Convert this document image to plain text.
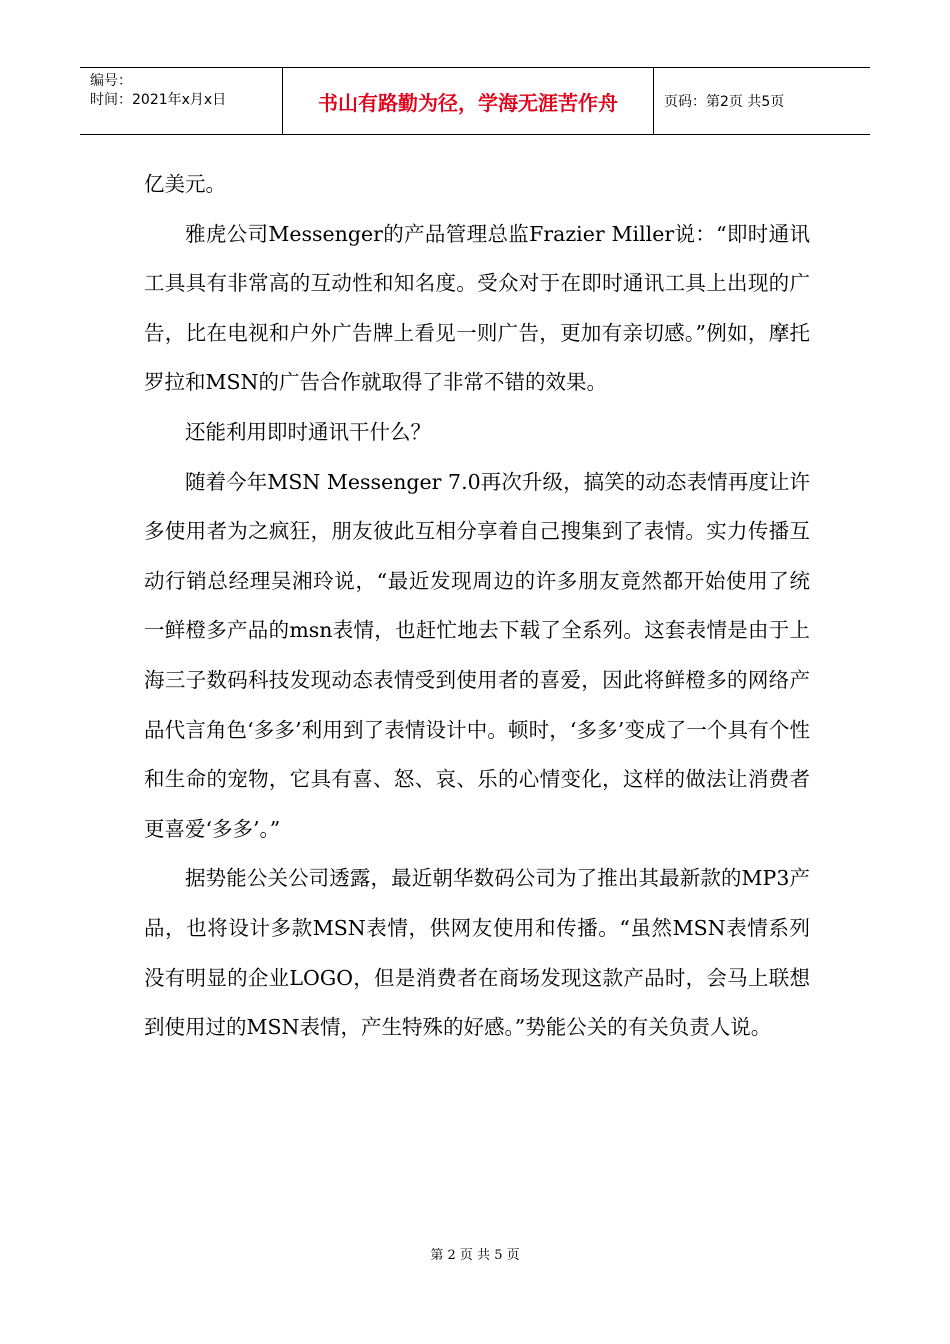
编号：
时间：2021年x月x日	书山有路勤为径，学海无涯苦作舟	页码：第2页 共5页

亿美元。

雅虎公司Messenger的产品管理总监Frazier Miller说：“即时通讯工具具有非常高的互动性和知名度。受众对于在即时通讯工具上出现的广告，比在电视和户外广告牌上看见一则广告，更加有亲切感。”例如，摩托罗拉和MSN的广告合作就取得了非常不错的效果。

还能利用即时通讯干什么？

随着今年MSN Messenger 7.0再次升级，搞笑的动态表情再度让许多使用者为之疯狂，朋友彼此互相分享着自己搜集到了表情。实力传播互动行销总经理吴湘玲说，“最近发现周边的许多朋友竟然都开始使用了统一鲜橙多产品的msn表情，也赶忙地去下载了全系列。这套表情是由于上海三子数码科技发现动态表情受到使用者的喜爱，因此将鲜橙多的网络产品代言角色‘多多’利用到了表情设计中。顿时，‘多多’变成了一个具有个性和生命的宠物，它具有喜、怒、哀、乐的心情变化，这样的做法让消费者更喜爱‘多多’。”

据势能公关公司透露，最近朝华数码公司为了推出其最新款的MP3产品，也将设计多款MSN表情，供网友使用和传播。“虽然MSN表情系列没有明显的企业LOGO，但是消费者在商场发现这款产品时，会马上联想到使用过的MSN表情，产生特殊的好感。”势能公关的有关负责人说。

第 2 页 共 5 页
